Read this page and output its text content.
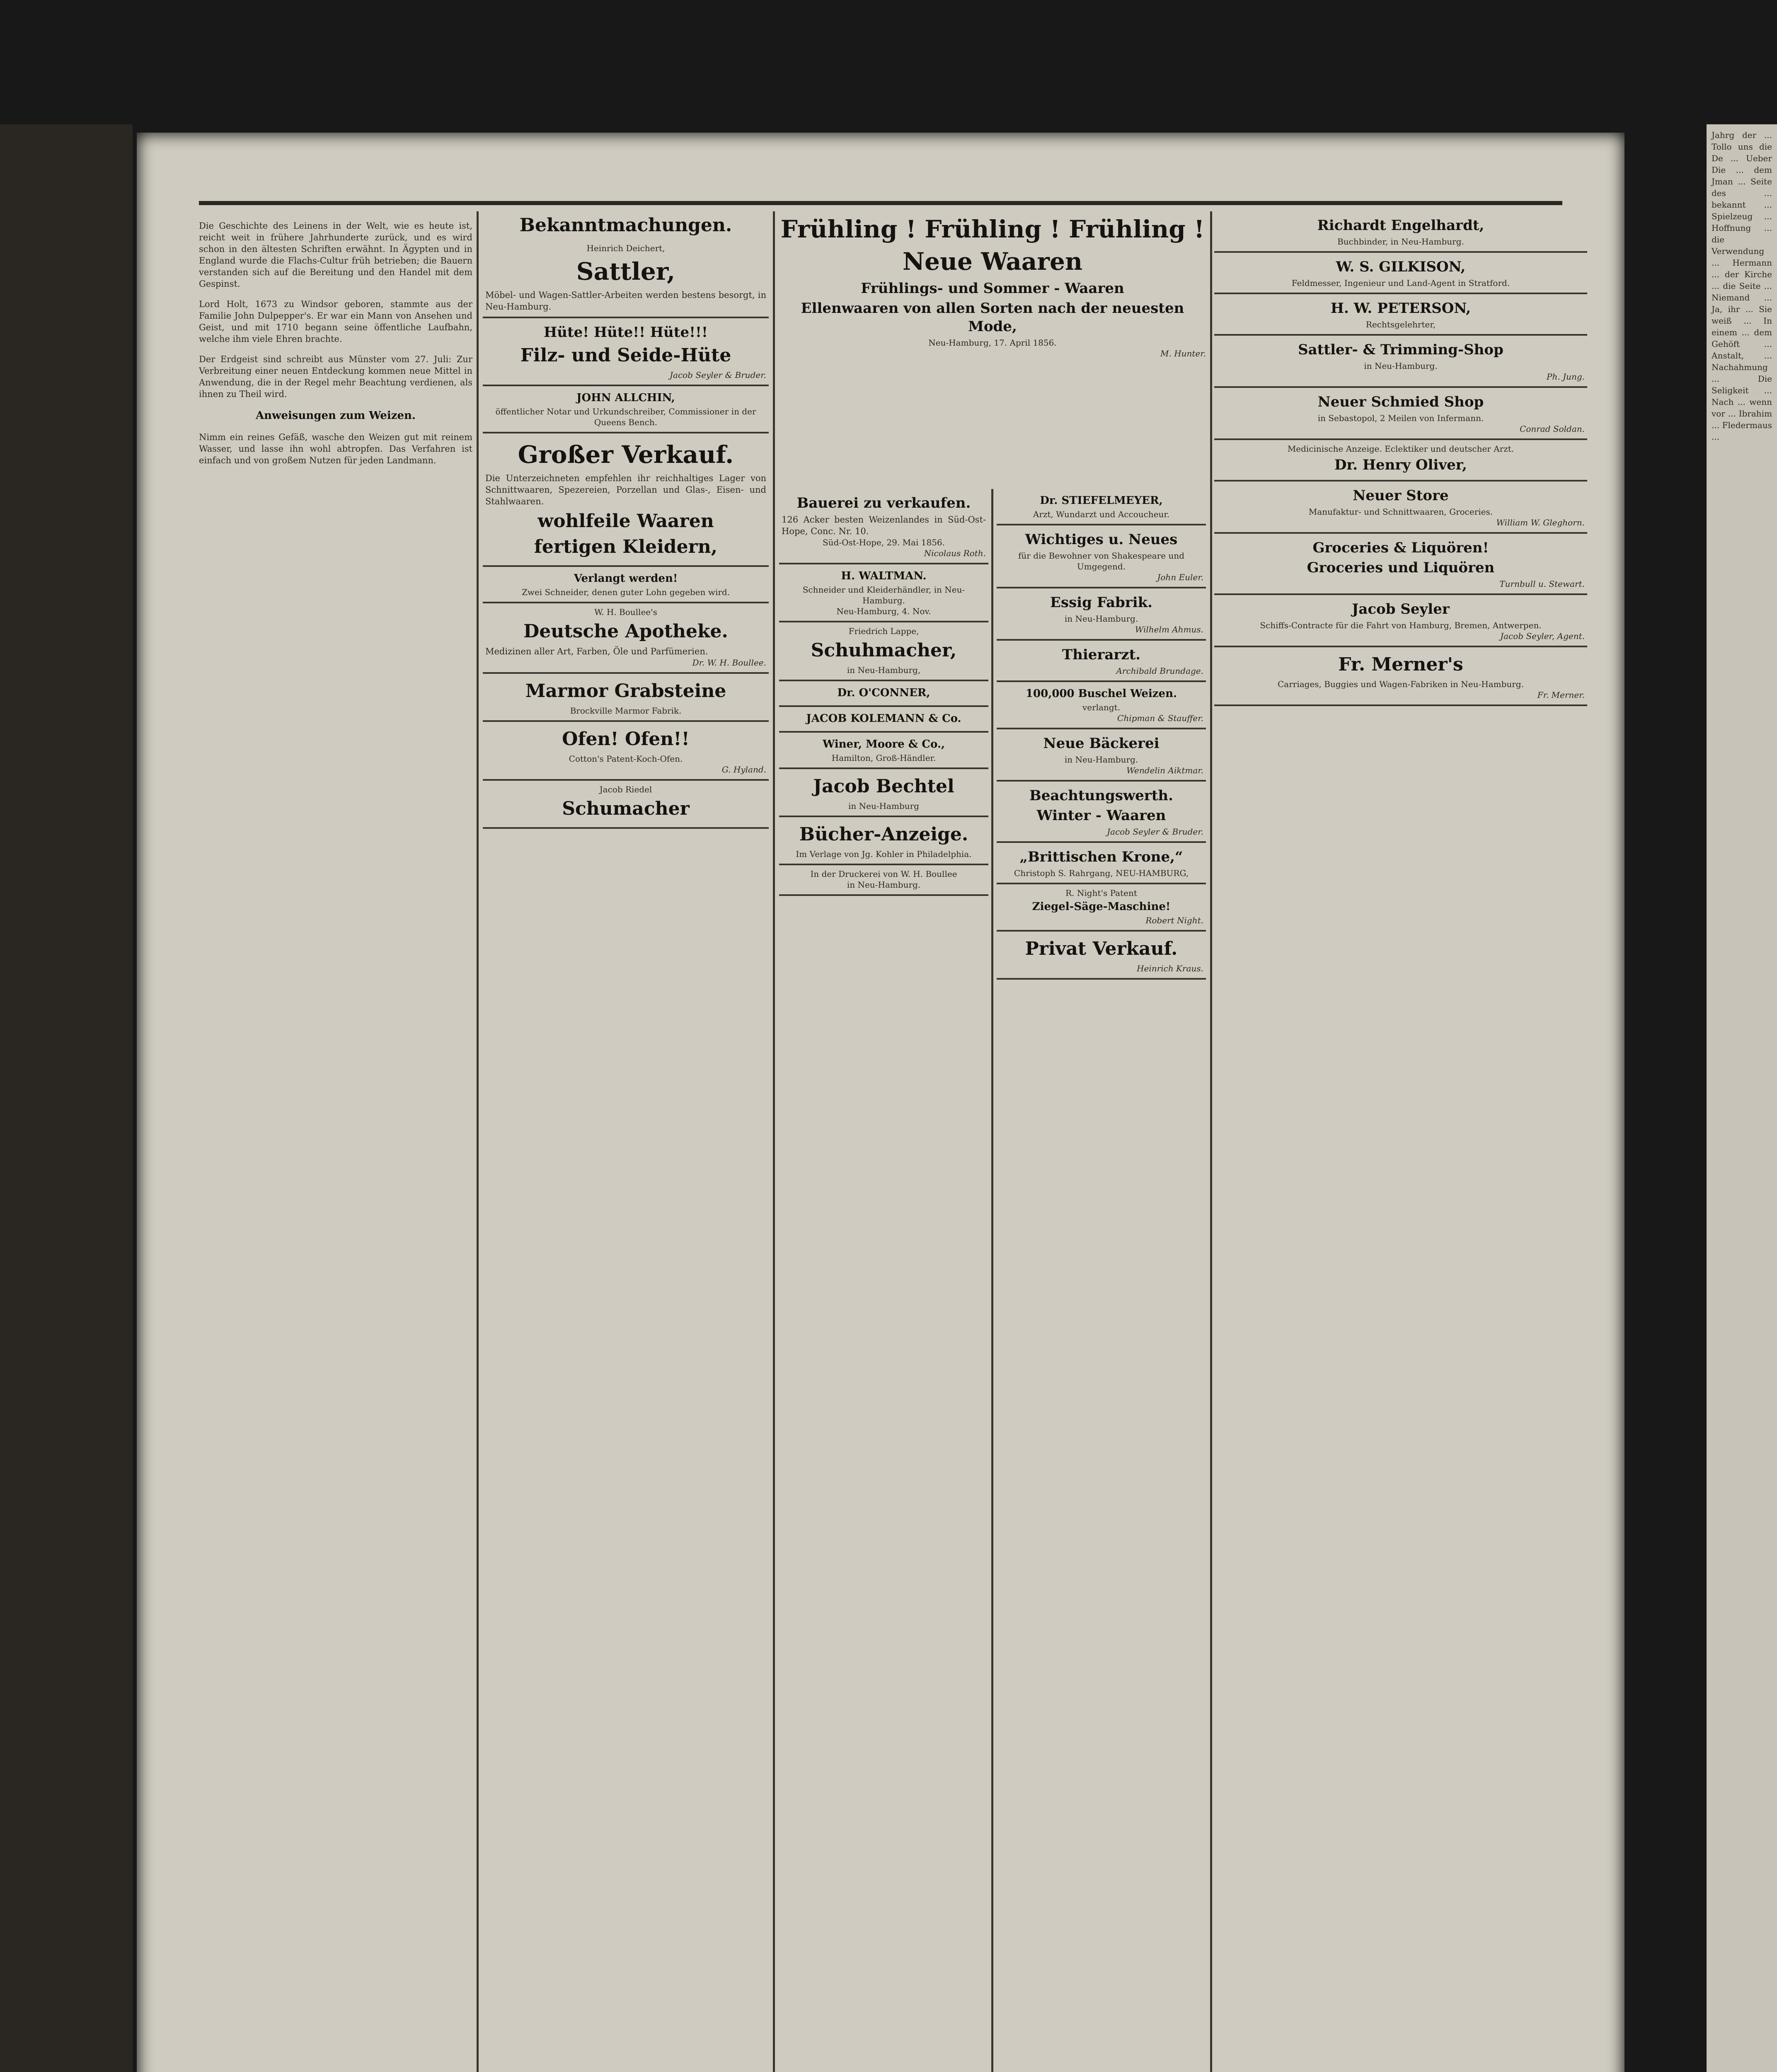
Die Geschichte des Leinens in der Welt, wie es heute ist, reicht weit in frühere Jahrhunderte zurück, und es wird schon in den ältesten Schriften erwähnt. In Ägypten und in England wurde die Flachs-Cultur früh betrieben; die Bauern verstanden sich auf die Bereitung und den Handel mit dem Gespinst.

Lord Holt, 1673 zu Windsor geboren, stammte aus der Familie John Dulpepper's. Er war ein Mann von Ansehen und Geist, und mit 1710 begann seine öffentliche Laufbahn, welche ihm viele Ehren brachte.

Der Erdgeist sind schreibt aus Münster vom 27. Juli: Zur Verbreitung einer neuen Entdeckung kommen neue Mittel in Anwendung, die in der Regel mehr Beachtung verdienen, als ihnen zu Theil wird.

Anweisungen zum Weizen.

Nimm ein reines Gefäß, wasche den Weizen gut mit reinem Wasser, und lasse ihn wohl abtropfen. Das Verfahren ist einfach und von großem Nutzen für jeden Landmann.

Bekanntmachungen.
Heinrich Deichert,
Sattler,
Möbel- und Wagen-Sattler-Arbeiten werden bestens besorgt, in Neu-Hamburg.
Hüte! Hüte!! Hüte!!!
Filz- und Seide-Hüte
Jacob Seyler & Bruder.
JOHN ALLCHIN,
öffentlicher Notar und Urkundschreiber, Commissioner in der Queens Bench.
Großer Verkauf.
Die Unterzeichneten empfehlen ihr reichhaltiges Lager von Schnittwaaren, Spezereien, Porzellan und Glas-, Eisen- und Stahlwaaren.
wohlfeile Waaren
fertigen Kleidern,
Verlangt werden!
Zwei Schneider, denen guter Lohn gegeben wird.
W. H. Boullee's
Deutsche Apotheke.
Medizinen aller Art, Farben, Öle und Parfümerien.
Dr. W. H. Boullee.
Marmor Grabsteine
Brockville Marmor Fabrik.
Ofen! Ofen!!
Cotton's Patent-Koch-Ofen.
G. Hyland.
Jacob Riedel
Schumacher
Frühling ! Frühling ! Frühling !
Neue Waaren
Frühlings- und Sommer - Waaren
Ellenwaaren von allen Sorten nach der neuesten Mode,
Neu-Hamburg, 17. April 1856.
M. Hunter.
Bauerei zu verkaufen.
126 Acker besten Weizenlandes in Süd-Ost-Hope, Conc. Nr. 10.
Süd-Ost-Hope, 29. Mai 1856.
Nicolaus Roth.
H. WALTMAN.
Schneider und Kleiderhändler, in Neu-Hamburg.
Neu-Hamburg, 4. Nov.
Friedrich Lappe,
Schuhmacher,
in Neu-Hamburg,
Dr. O'CONNER,
JACOB KOLEMANN & Co.
Winer, Moore & Co.,
Hamilton, Groß-Händler.
Jacob Bechtel
in Neu-Hamburg
Bücher-Anzeige.
Im Verlage von Jg. Kohler in Philadelphia.
In der Druckerei von W. H. Boullee
in Neu-Hamburg.
Dr. STIEFELMEYER,
Arzt, Wundarzt und Accoucheur.
Wichtiges u. Neues
für die Bewohner von Shakespeare und Umgegend.
John Euler.
Essig Fabrik.
in Neu-Hamburg.
Wilhelm Ahmus.
Thierarzt.
Archibald Brundage.
100,000 Buschel Weizen.
verlangt.
Chipman & Stauffer.
Neue Bäckerei
in Neu-Hamburg.
Wendelin Aiktmar.
Beachtungswerth.
Winter - Waaren
Jacob Seyler & Bruder.
„Brittischen Krone,“
Christoph S. Rahrgang, NEU-HAMBURG,
R. Night's Patent
Ziegel-Säge-Maschine!
Robert Night.
Privat Verkauf.
Heinrich Kraus.
Richardt Engelhardt,
Buchbinder, in Neu-Hamburg.
W. S. GILKISON,
Feldmesser, Ingenieur und Land-Agent in Stratford.
H. W. PETERSON,
Rechtsgelehrter,
Sattler- & Trimming-Shop
in Neu-Hamburg.
Ph. Jung.
Neuer Schmied Shop
in Sebastopol, 2 Meilen von Infermann.
Conrad Soldan.
Medicinische Anzeige. Eclektiker und deutscher Arzt.
Dr. Henry Oliver,
Neuer Store
Manufaktur- und Schnittwaaren, Groceries.
William W. Gleghorn.
Groceries & Liquören!
Groceries und Liquören
Turnbull u. Stewart.
Jacob Seyler
Schiffs-Contracte für die Fahrt von Hamburg, Bremen, Antwerpen.
Jacob Seyler, Agent.
Fr. Merner's
Carriages, Buggies und Wagen-Fabriken in Neu-Hamburg.
Fr. Merner.
Jahrg der ... Tollo uns die De ... Ueber Die ... dem Jman ... Seite des ... bekannt ... Spielzeug ... Hoffnung ... die Verwendung ... Hermann ... der Kirche ... die Seite ... Niemand ... Ja, ihr ... Sie weiß ... In einem ... dem Gehöft ... Anstalt, ... Nachahmung ... Die Seligkeit ... Nach ... wenn vor ... Ibrahim ... Fledermaus ...
